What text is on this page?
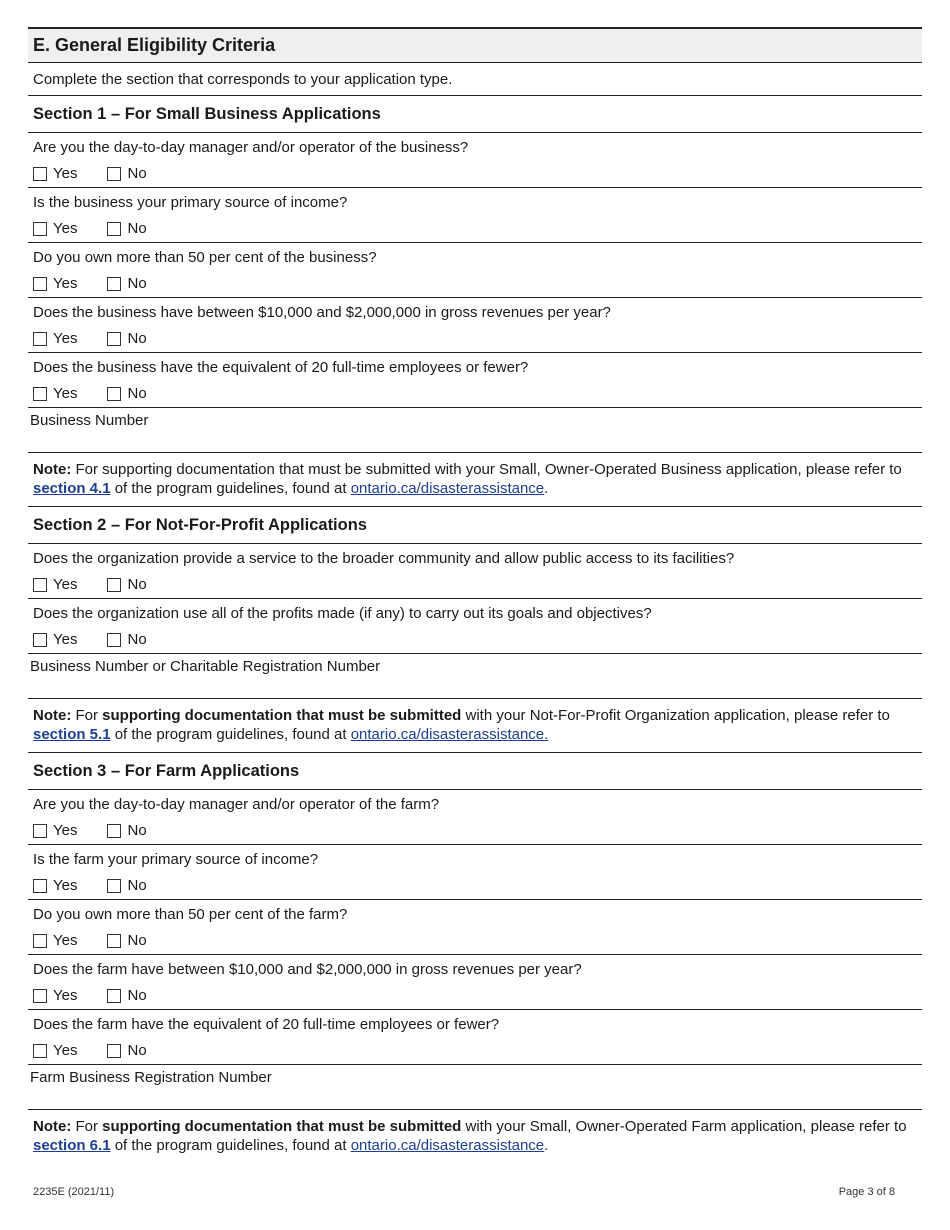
E. General Eligibility Criteria
Complete the section that corresponds to your application type.
Section 1 – For Small Business Applications
Are you the day-to-day manager and/or operator of the business?
Yes	No
Is the business your primary source of income?
Yes	No
Do you own more than 50 per cent of the business?
Yes	No
Does the business have between $10,000 and $2,000,000 in gross revenues per year?
Yes	No
Does the business have the equivalent of 20 full-time employees or fewer?
Yes	No
Business Number
Note: For supporting documentation that must be submitted with your Small, Owner-Operated Business application, please refer to section 4.1 of the program guidelines, found at ontario.ca/disasterassistance.
Section 2 – For Not-For-Profit Applications
Does the organization provide a service to the broader community and allow public access to its facilities?
Yes	No
Does the organization use all of the profits made (if any) to carry out its goals and objectives?
Yes	No
Business Number or Charitable Registration Number
Note: For supporting documentation that must be submitted with your Not-For-Profit Organization application, please refer to section 5.1 of the program guidelines, found at ontario.ca/disasterassistance.
Section 3 – For Farm Applications
Are you the day-to-day manager and/or operator of the farm?
Yes	No
Is the farm your primary source of income?
Yes	No
Do you own more than 50 per cent of the farm?
Yes	No
Does the farm have between $10,000 and $2,000,000 in gross revenues per year?
Yes	No
Does the farm have the equivalent of 20 full-time employees or fewer?
Yes	No
Farm Business Registration Number
Note: For supporting documentation that must be submitted with your Small, Owner-Operated Farm application, please refer to section 6.1 of the program guidelines, found at ontario.ca/disasterassistance.
2235E (2021/11)	Page 3 of 8
